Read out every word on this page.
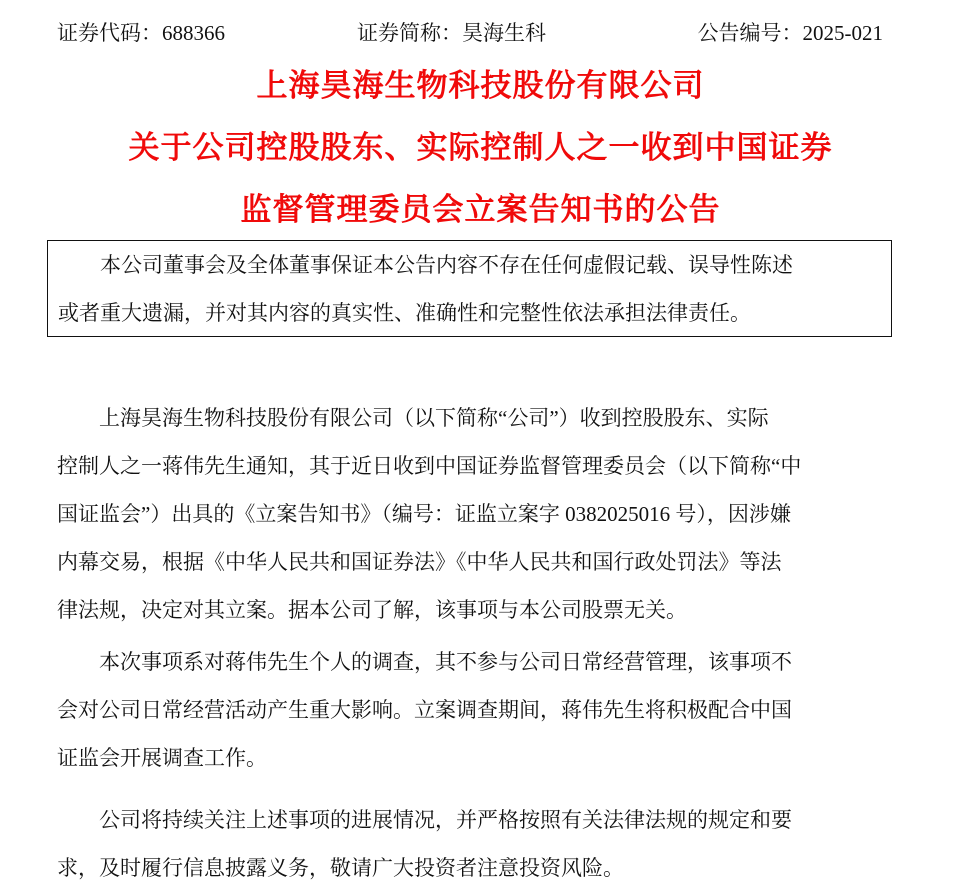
证券代码：688366	证券简称：昊海生科	公告编号：2025-021
上海昊海生物科技股份有限公司
关于公司控股股东、实际控制人之一收到中国证券
监督管理委员会立案告知书的公告

本公司董事会及全体董事保证本公告内容不存在任何虚假记载、误导性陈述

或者重大遗漏，并对其内容的真实性、准确性和完整性依法承担法律责任。

上海昊海生物科技股份有限公司（以下简称“公司”）收到控股股东、实际
控制人之一蒋伟先生通知，其于近日收到中国证券监督管理委员会（以下简称“中
国证监会”）出具的《立案告知书》（编号：证监立案字 0382025016 号），因涉嫌
内幕交易，根据《中华人民共和国证券法》《中华人民共和国行政处罚法》等法
律法规，决定对其立案。据本公司了解，该事项与本公司股票无关。
本次事项系对蒋伟先生个人的调查，其不参与公司日常经营管理，该事项不
会对公司日常经营活动产生重大影响。立案调查期间，蒋伟先生将积极配合中国
证监会开展调查工作。
公司将持续关注上述事项的进展情况，并严格按照有关法律法规的规定和要
求，及时履行信息披露义务，敬请广大投资者注意投资风险。
